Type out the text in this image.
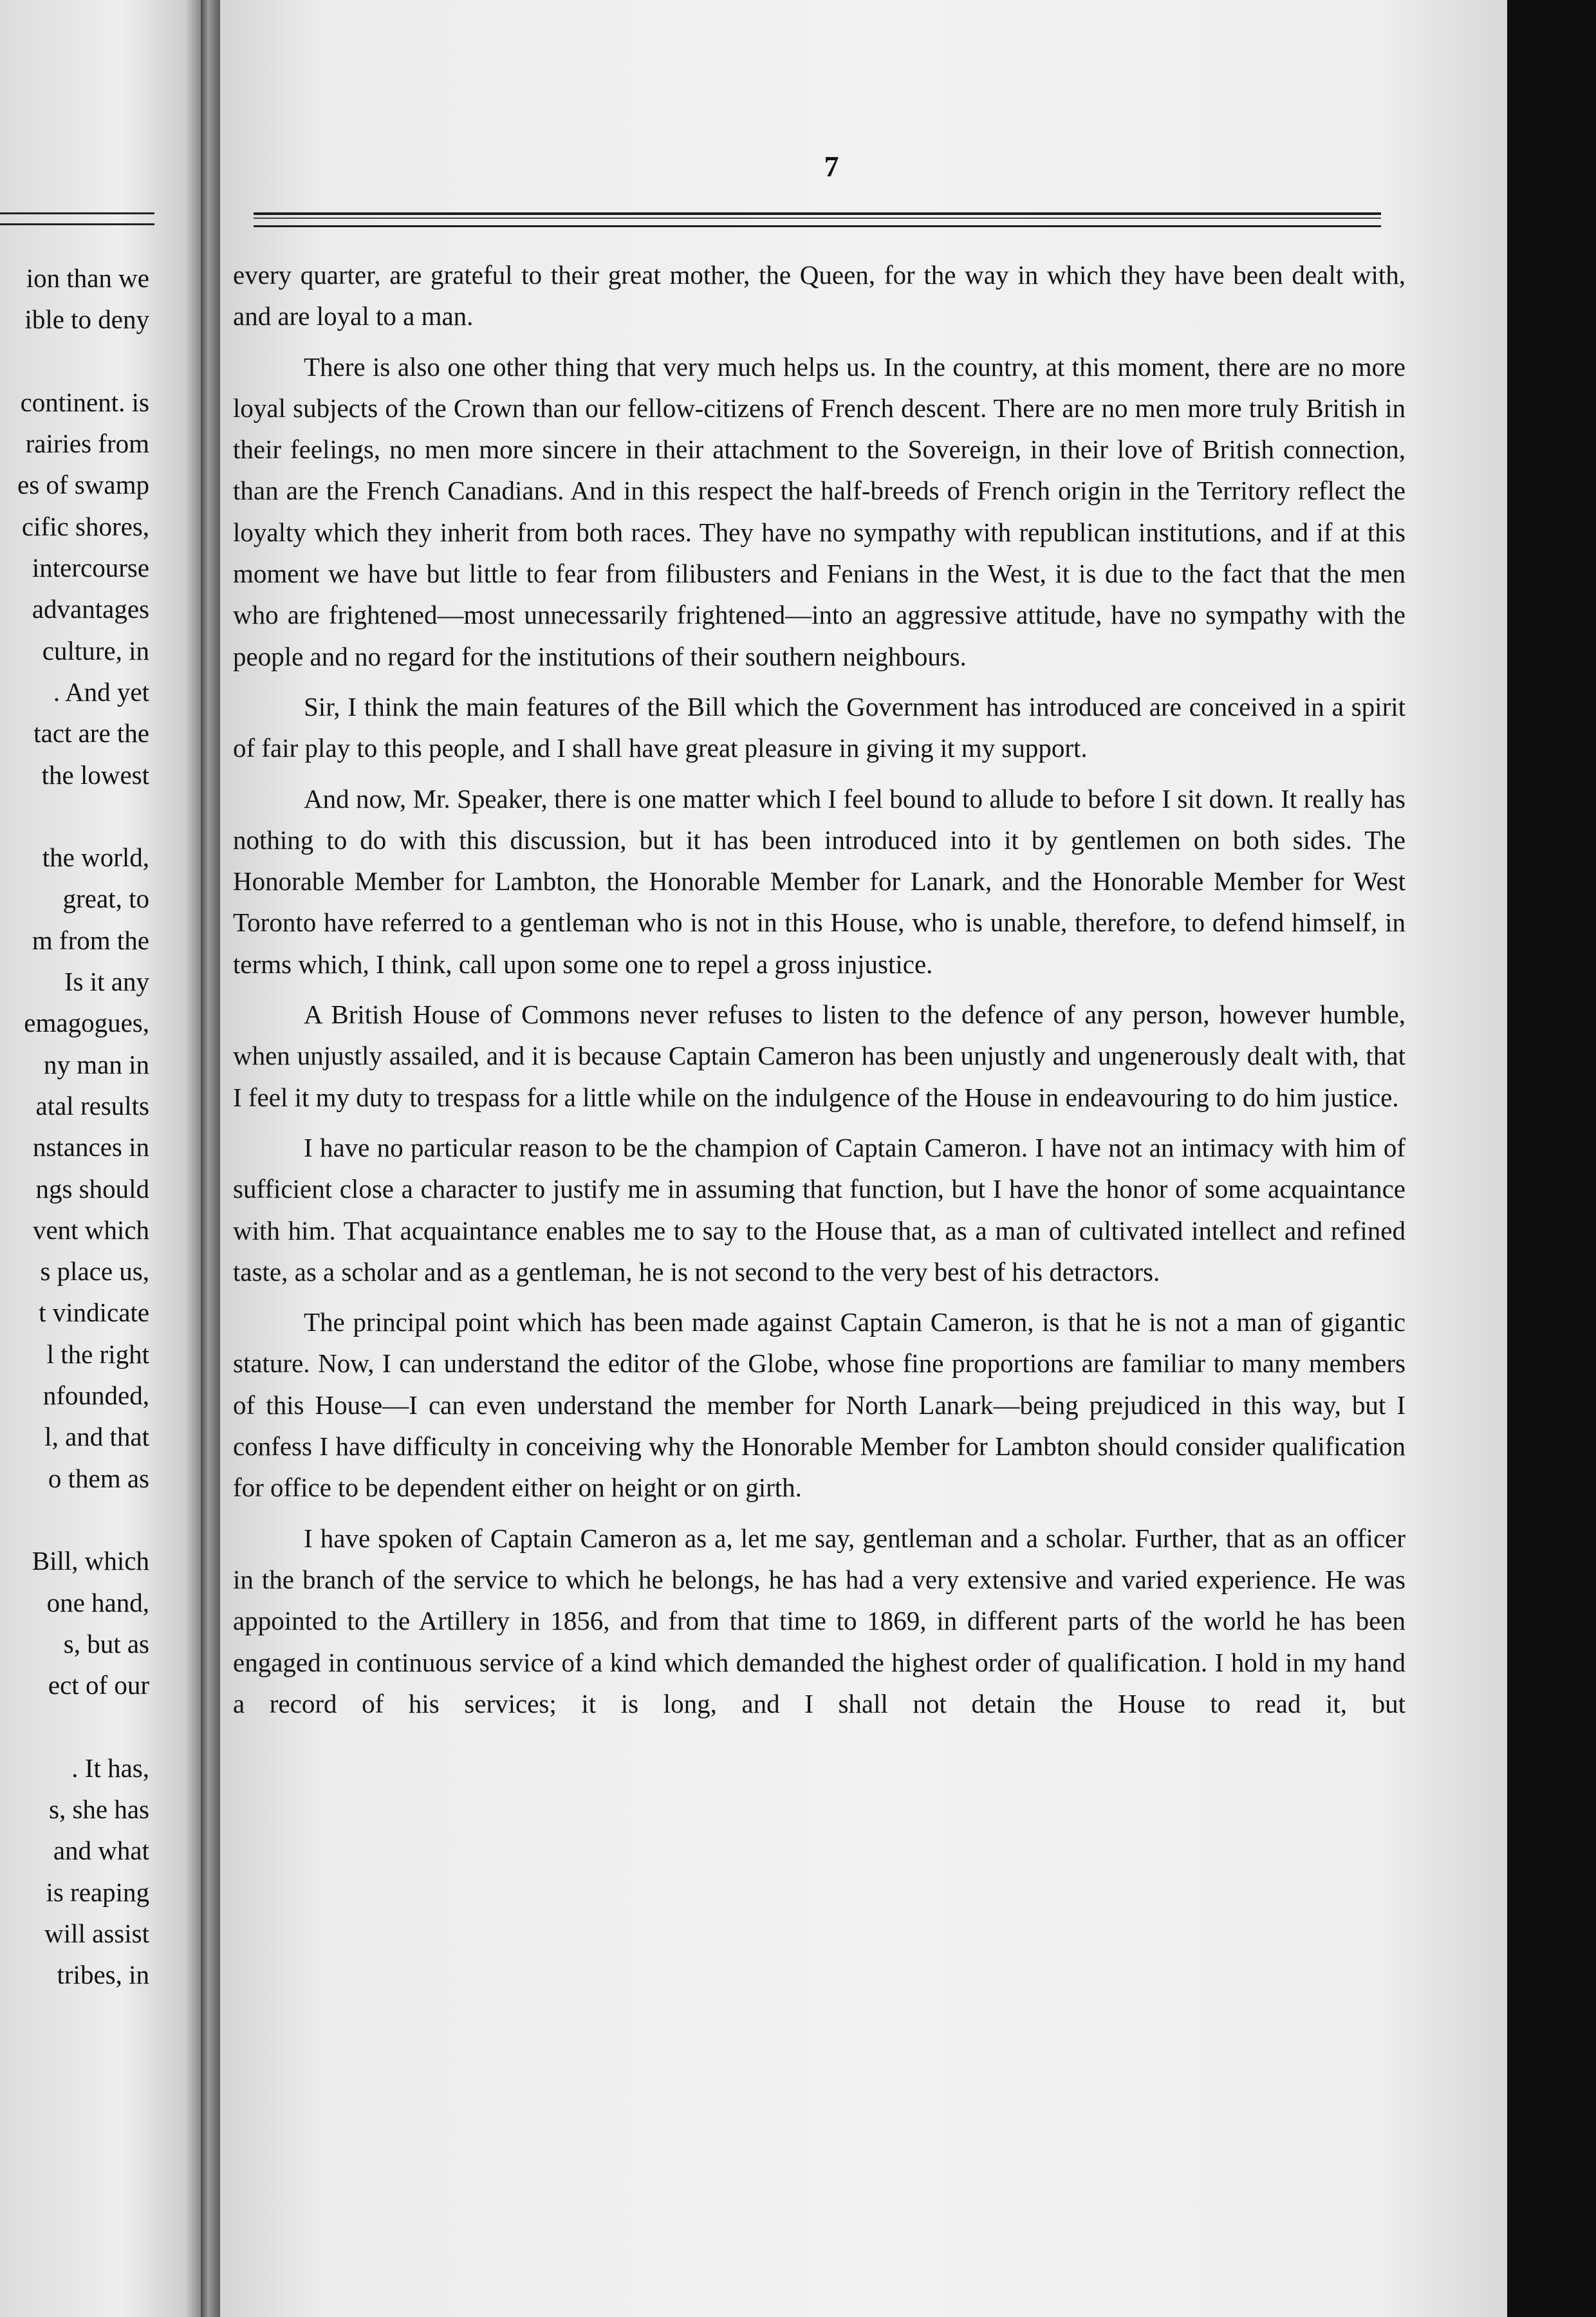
ion than we
ible to deny
continent. is
rairies from
es of swamp
cific shores,
intercourse
advantages
culture, in
. And yet
tact are the
the lowest
the world,
great, to
m from the
Is it any
emagogues,
ny man in
atal results
nstances in
ngs should
vent which
s place us,
t vindicate
l the right
nfounded,
l, and that
o them as
Bill, which
one hand,
s, but as
ect of our
. It has,
s, she has
and what
is reaping
will assist
tribes, in
7

every quarter, are grateful to their great mother, the Queen, for the way in which they have been dealt with, and are loyal to a man.

There is also one other thing that very much helps us. In the country, at this moment, there are no more loyal subjects of the Crown than our fellow-citizens of French descent. There are no men more truly British in their feelings, no men more sincere in their attachment to the Sovereign, in their love of British connection, than are the French Canadians. And in this respect the half-breeds of French origin in the Territory reflect the loyalty which they inherit from both races. They have no sympathy with republican institutions, and if at this moment we have but little to fear from filibusters and Fenians in the West, it is due to the fact that the men who are frightened—most unnecessarily frightened—into an aggressive attitude, have no sympathy with the people and no regard for the institutions of their southern neighbours.

Sir, I think the main features of the Bill which the Government has introduced are conceived in a spirit of fair play to this people, and I shall have great pleasure in giving it my support.

And now, Mr. Speaker, there is one matter which I feel bound to allude to before I sit down. It really has nothing to do with this discussion, but it has been introduced into it by gentlemen on both sides. The Honorable Member for Lambton, the Honorable Member for Lanark, and the Honorable Member for West Toronto have referred to a gentleman who is not in this House, who is unable, therefore, to defend himself, in terms which, I think, call upon some one to repel a gross injustice.

A British House of Commons never refuses to listen to the defence of any person, however humble, when unjustly assailed, and it is because Captain Cameron has been unjustly and ungenerously dealt with, that I feel it my duty to trespass for a little while on the indulgence of the House in endeavouring to do him justice.

I have no particular reason to be the champion of Captain Cameron. I have not an intimacy with him of sufficient close a character to justify me in assuming that function, but I have the honor of some acquaintance with him. That acquaintance enables me to say to the House that, as a man of cultivated intellect and refined taste, as a scholar and as a gentleman, he is not second to the very best of his detractors.

The principal point which has been made against Captain Cameron, is that he is not a man of gigantic stature. Now, I can understand the editor of the Globe, whose fine proportions are familiar to many members of this House—I can even understand the member for North Lanark—being prejudiced in this way, but I confess I have difficulty in conceiving why the Honorable Member for Lambton should consider qualification for office to be dependent either on height or on girth.

I have spoken of Captain Cameron as a, let me say, gentleman and a scholar. Further, that as an officer in the branch of the service to which he belongs, he has had a very extensive and varied experience. He was appointed to the Artillery in 1856, and from that time to 1869, in different parts of the world he has been engaged in continuous service of a kind which demanded the highest order of qualification. I hold in my hand a record of his services; it is long, and I shall not detain the House to read it, but
